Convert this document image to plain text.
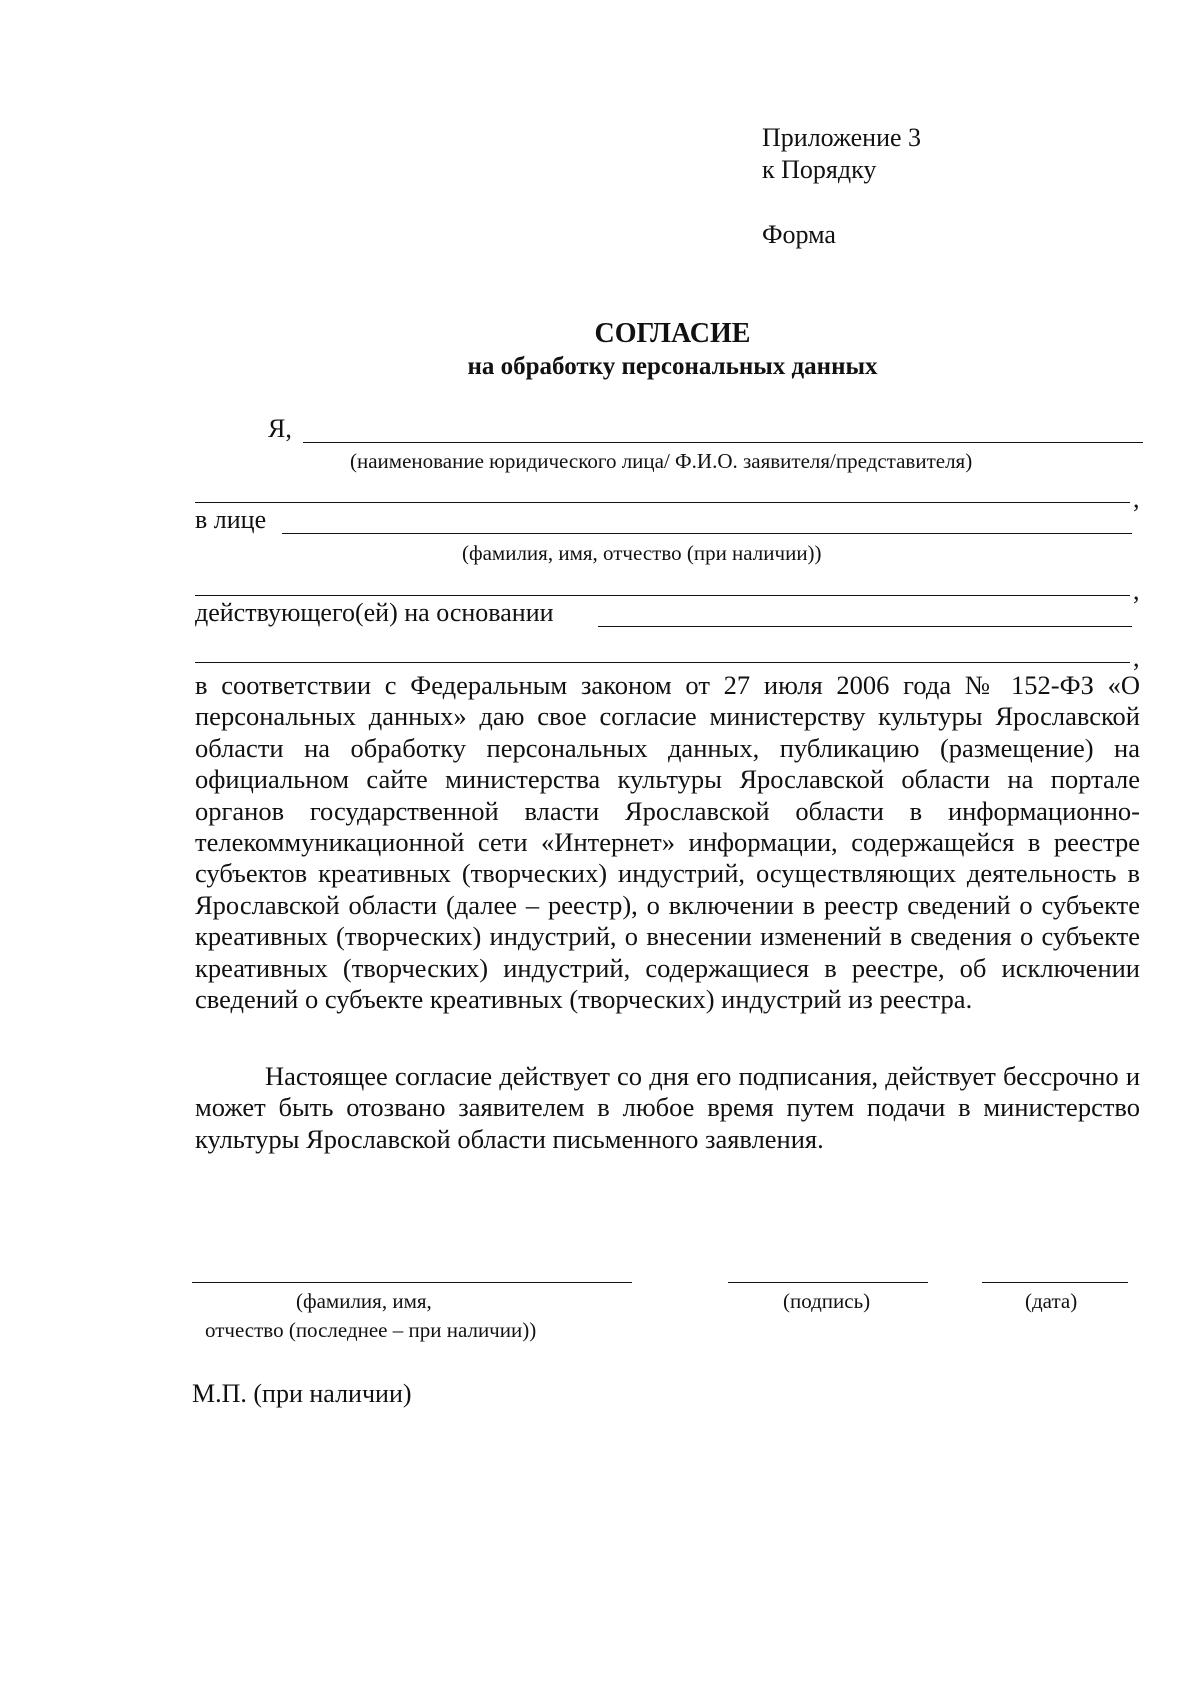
Приложение 3
к Порядку
Форма
СОГЛАСИЕ
на обработку персональных данных
Я,
(наименование юридического лица/ Ф.И.О. заявителя/представителя)
,
в лице
(фамилия, имя, отчество (при наличии))
,
действующего(ей) на основании
,
в соответствии с Федеральным законом от 27 июля 2006 года № 152-ФЗ «О персональных данных» даю свое согласие министерству культуры Ярославской области на обработку персональных данных, публикацию (размещение) на официальном сайте министерства культуры Ярославской области на портале органов государственной власти Ярославской области в информационно-телекоммуникационной сети «Интернет» информации, содержащейся в реестре субъектов креативных (творческих) индустрий, осуществляющих деятельность в Ярославской области (далее – реестр), о включении в реестр сведений о субъекте креативных (творческих) индустрий, о внесении изменений в сведения о субъекте креативных (творческих) индустрий, содержащиеся в реестре, об исключении сведений о субъекте креативных (творческих) индустрий из реестра.
Настоящее согласие действует со дня его подписания, действует бессрочно и может быть отозвано заявителем в любое время путем подачи в министерство культуры Ярославской области письменного заявления.
(фамилия, имя,
отчество (последнее – при наличии))
(подпись)	(дата)
М.П. (при наличии)
